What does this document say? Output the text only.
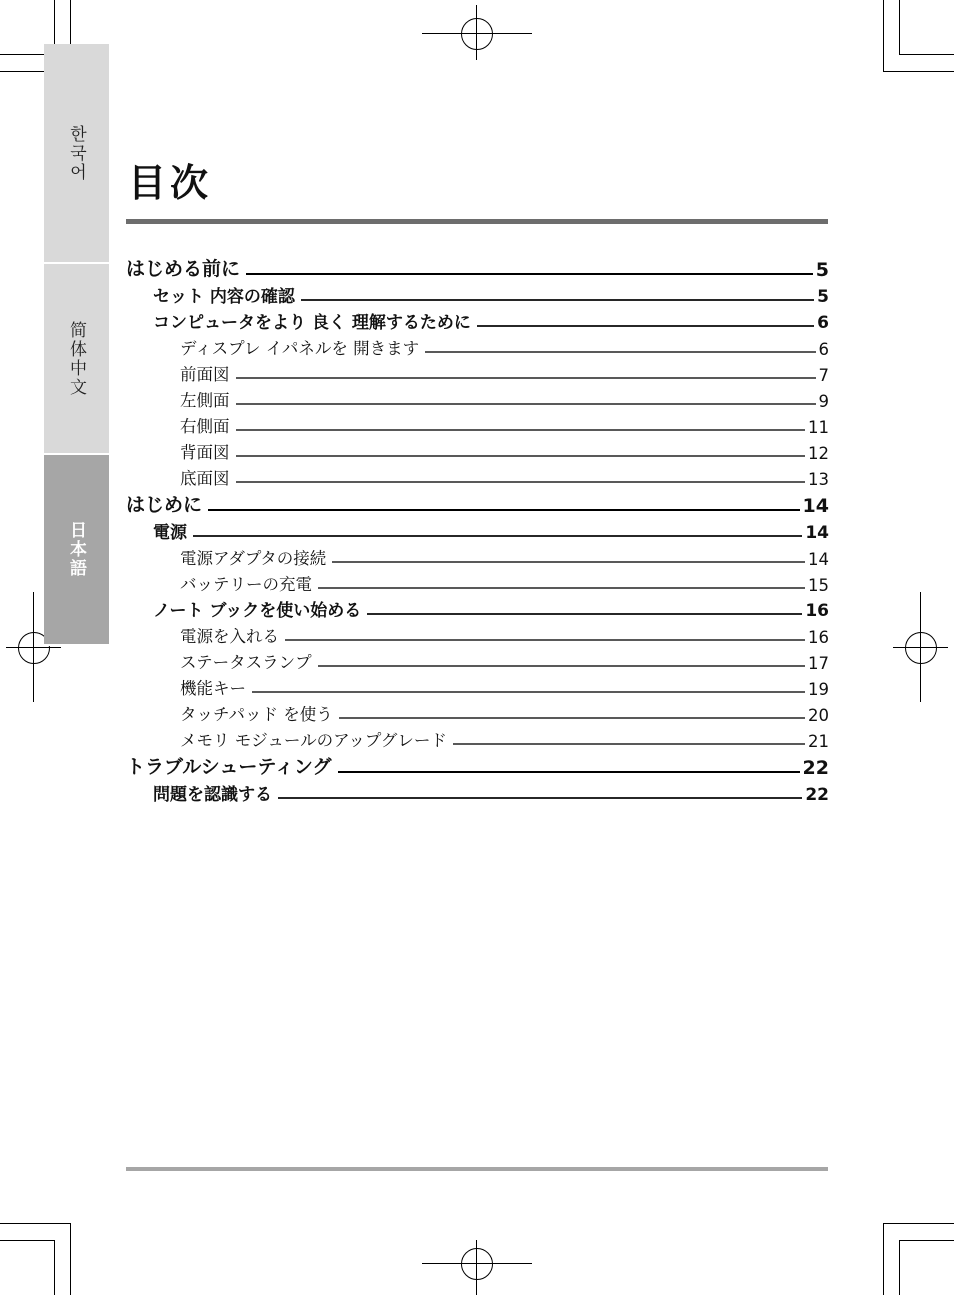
한국어
简体中文
日本語
目次
はじめる前に	5
セット 内容の確認	5
コンピュータをより 良く 理解するために	6
ディスプレ イパネルを 開きます	6
前面図	7
左側面	9
右側面	11
背面図	12
底面図	13
はじめに	14
電源	14
電源アダプタの接続	14
バッテリーの充電	15
ノート ブックを使い始める	16
電源を入れる	16
ステータスランプ	17
機能キー	19
タッチパッド を使う	20
メモリ モジュールのアップグレード	21
トラブルシューティング	22
問題を認識する	22
